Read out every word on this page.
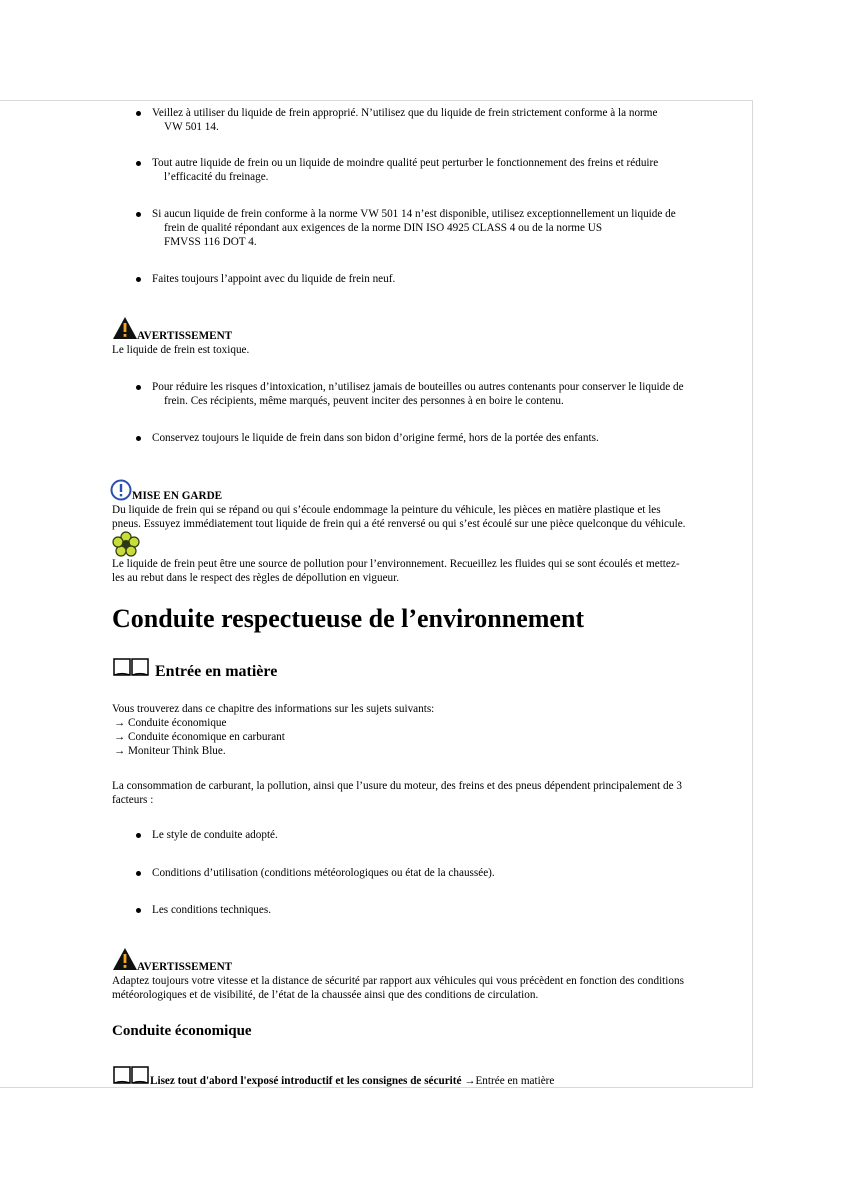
Veillez à utiliser du liquide de frein approprié. N’utilisez que du liquide de frein strictement conforme à la norme
VW 501 14.
Tout autre liquide de frein ou un liquide de moindre qualité peut perturber le fonctionnement des freins et réduire
l’efficacité du freinage.
Si aucun liquide de frein conforme à la norme VW 501 14 n’est disponible, utilisez exceptionnellement un liquide de
frein de qualité répondant aux exigences de la norme DIN ISO 4925 CLASS 4 ou de la norme US
FMVSS 116 DOT 4.
Faites toujours l’appoint avec du liquide de frein neuf.
AVERTISSEMENT
Le liquide de frein est toxique.
Pour réduire les risques d’intoxication, n’utilisez jamais de bouteilles ou autres contenants pour conserver le liquide de
frein. Ces récipients, même marqués, peuvent inciter des personnes à en boire le contenu.
Conservez toujours le liquide de frein dans son bidon d’origine fermé, hors de la portée des enfants.
MISE EN GARDE
Du liquide de frein qui se répand ou qui s’écoule endommage la peinture du véhicule, les pièces en matière plastique et les
pneus. Essuyez immédiatement tout liquide de frein qui a été renversé ou qui s’est écoulé sur une pièce quelconque du véhicule.
Le liquide de frein peut être une source de pollution pour l’environnement. Recueillez les fluides qui se sont écoulés et mettez-
les au rebut dans le respect des règles de dépollution en vigueur.
Conduite respectueuse de l’environnement
Entrée en matière
Vous trouverez dans ce chapitre des informations sur les sujets suivants:
→ Conduite économique
→ Conduite économique en carburant
→ Moniteur Think Blue.
La consommation de carburant, la pollution, ainsi que l’usure du moteur, des freins et des pneus dépendent principalement de 3
facteurs :
Le style de conduite adopté.
Conditions d’utilisation (conditions météorologiques ou état de la chaussée).
Les conditions techniques.
AVERTISSEMENT
Adaptez toujours votre vitesse et la distance de sécurité par rapport aux véhicules qui vous précèdent en fonction des conditions
météorologiques et de visibilité, de l’état de la chaussée ainsi que des conditions de circulation.
Conduite économique
Lisez tout d'abord l'exposé introductif et les consignes de sécurité →Entrée en matière
